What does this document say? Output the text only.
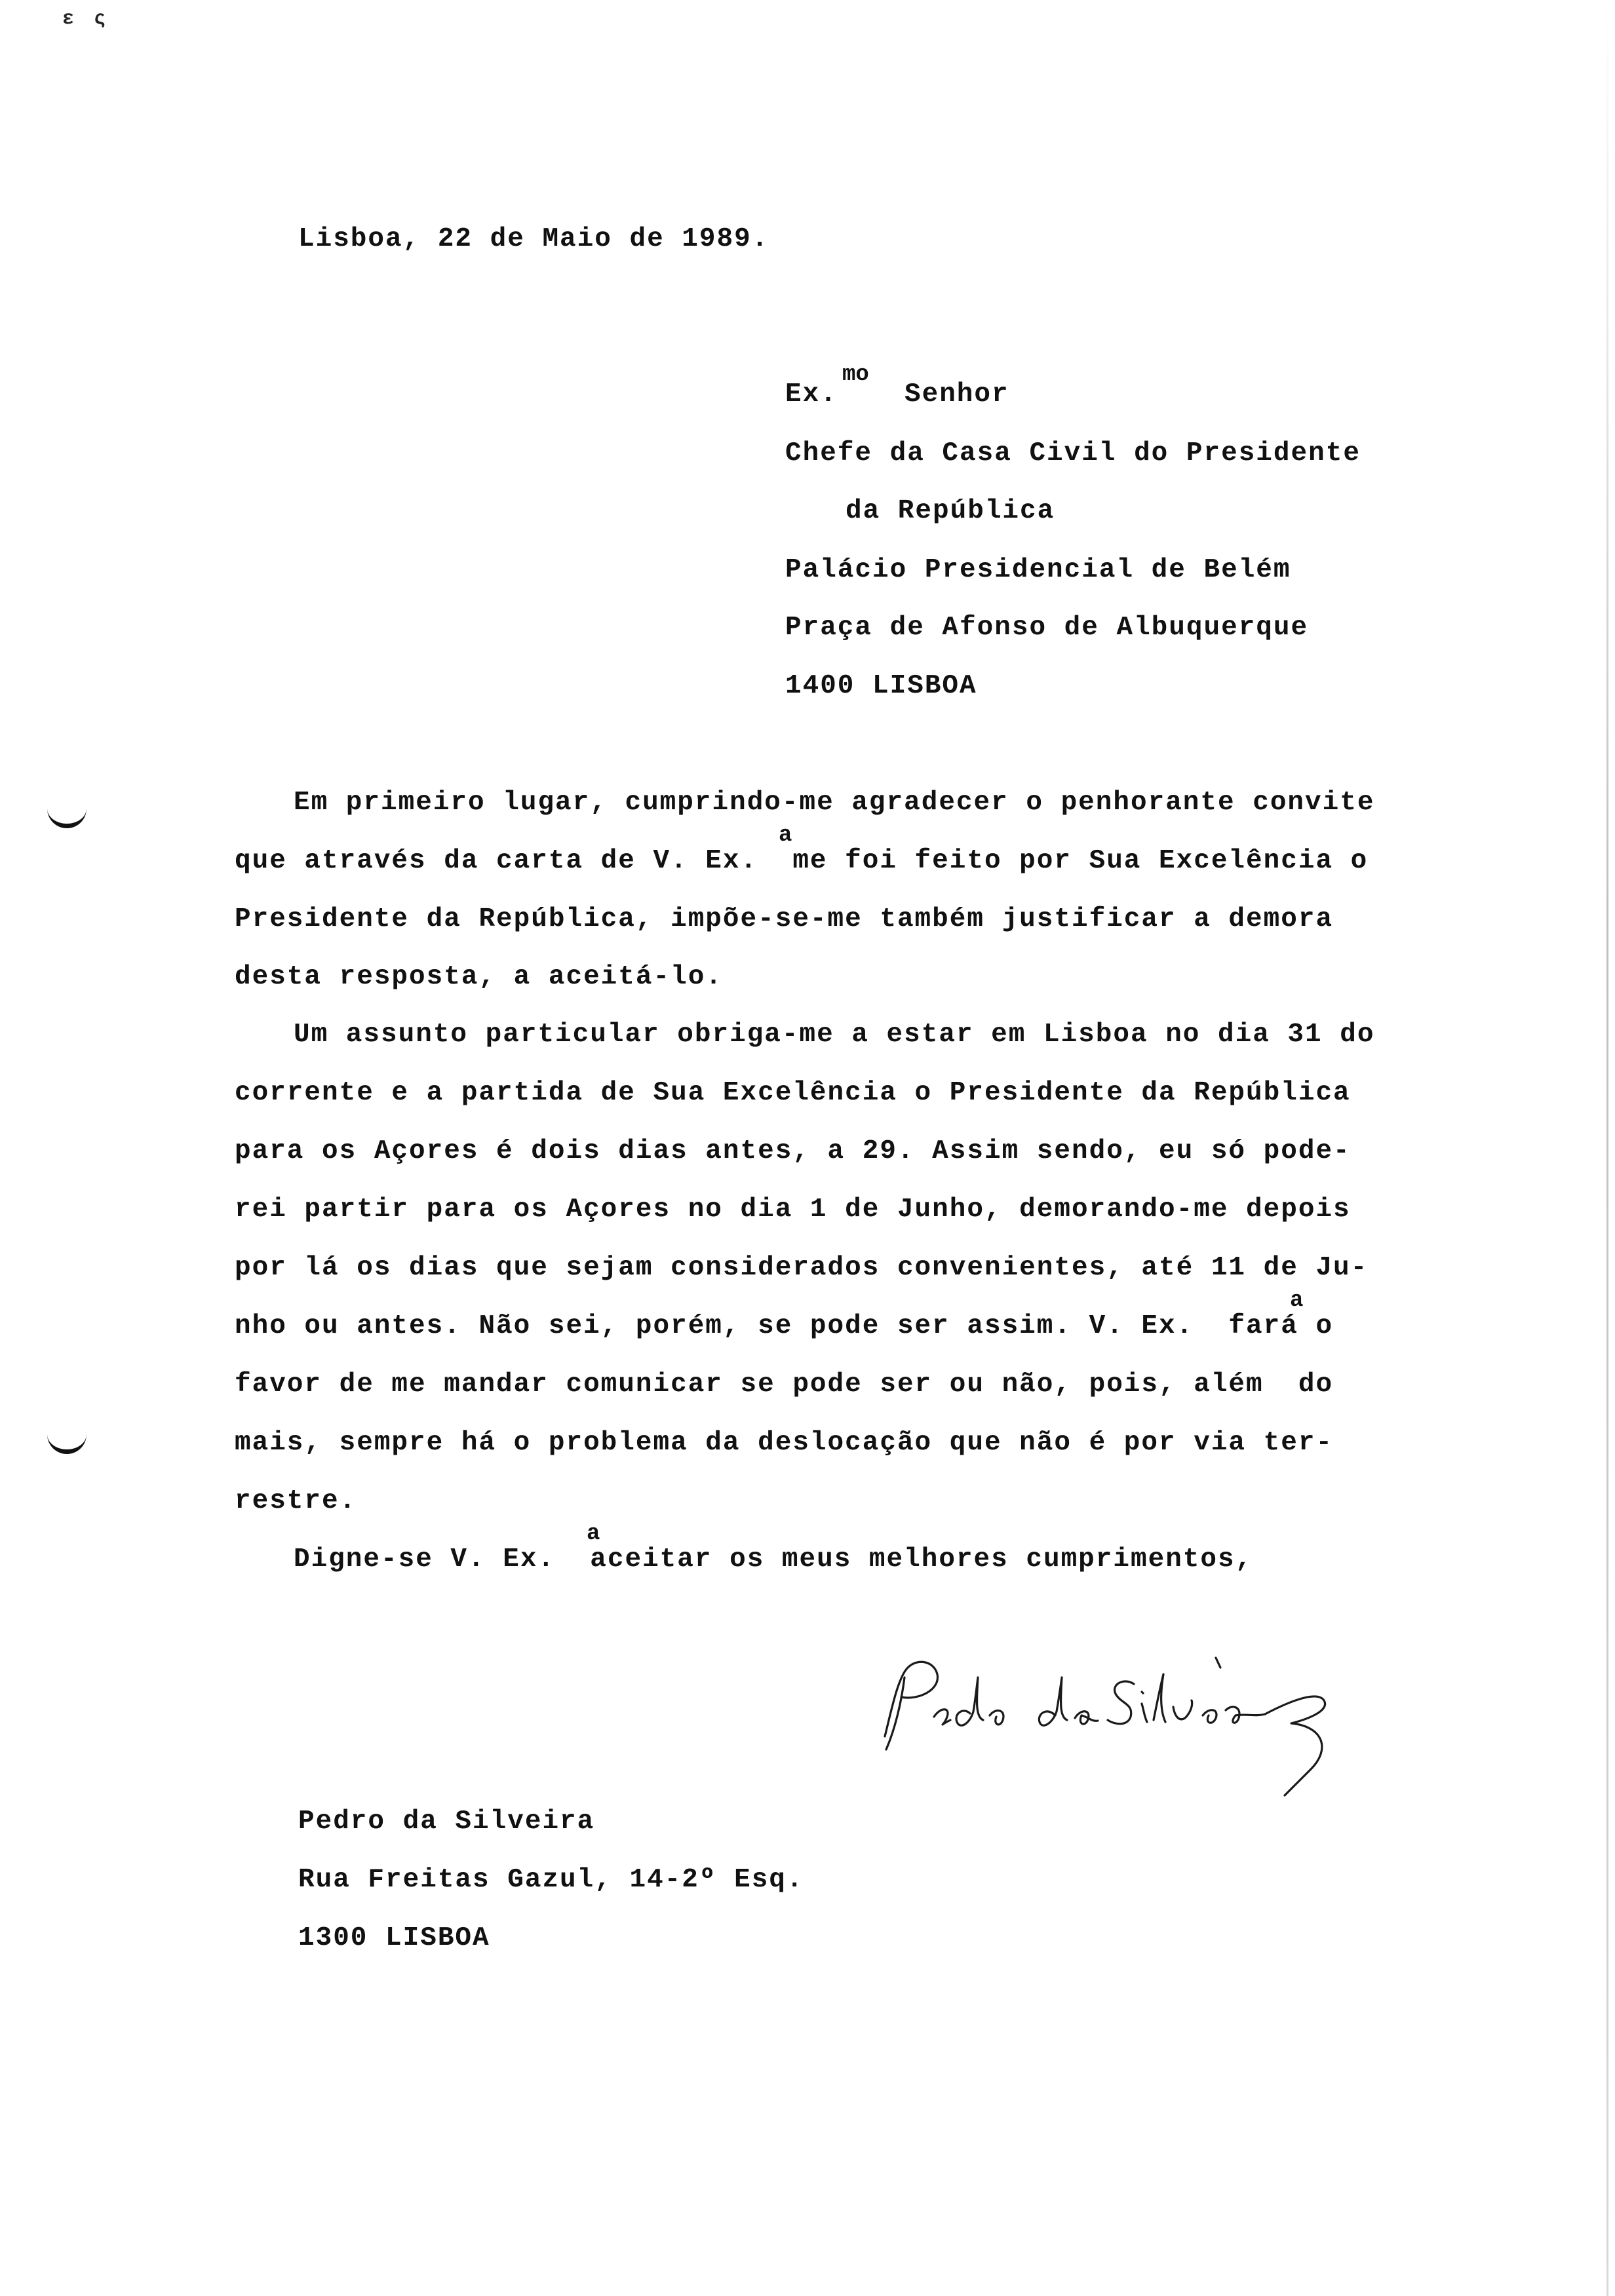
ε ς
Lisboa, 22 de Maio de 1989.
Ex.
mo
Senhor
Chefe da Casa Civil do Presidente
da República
Palácio Presidencial de Belém
Praça de Afonso de Albuquerque
1400 LISBOA
Em primeiro lugar, cumprindo-me agradecer o penhorante convite
que através da carta de V. Ex.  me foi feito por Sua Excelência o
a
Presidente da República, impõe-se-me também justificar a demora
desta resposta, a aceitá-lo.
Um assunto particular obriga-me a estar em Lisboa no dia 31 do
corrente e a partida de Sua Excelência o Presidente da República
para os Açores é dois dias antes, a 29. Assim sendo, eu só pode-
rei partir para os Açores no dia 1 de Junho, demorando-me depois
por lá os dias que sejam considerados convenientes, até 11 de Ju-
nho ou antes. Não sei, porém, se pode ser assim. V. Ex.  fará o
a
favor de me mandar comunicar se pode ser ou não, pois, além  do
mais, sempre há o problema da deslocação que não é por via ter-
restre.
Digne-se V. Ex.  aceitar os meus melhores cumprimentos,
a
Pedro da Silveira
Rua Freitas Gazul, 14-2º Esq.
1300 LISBOA
